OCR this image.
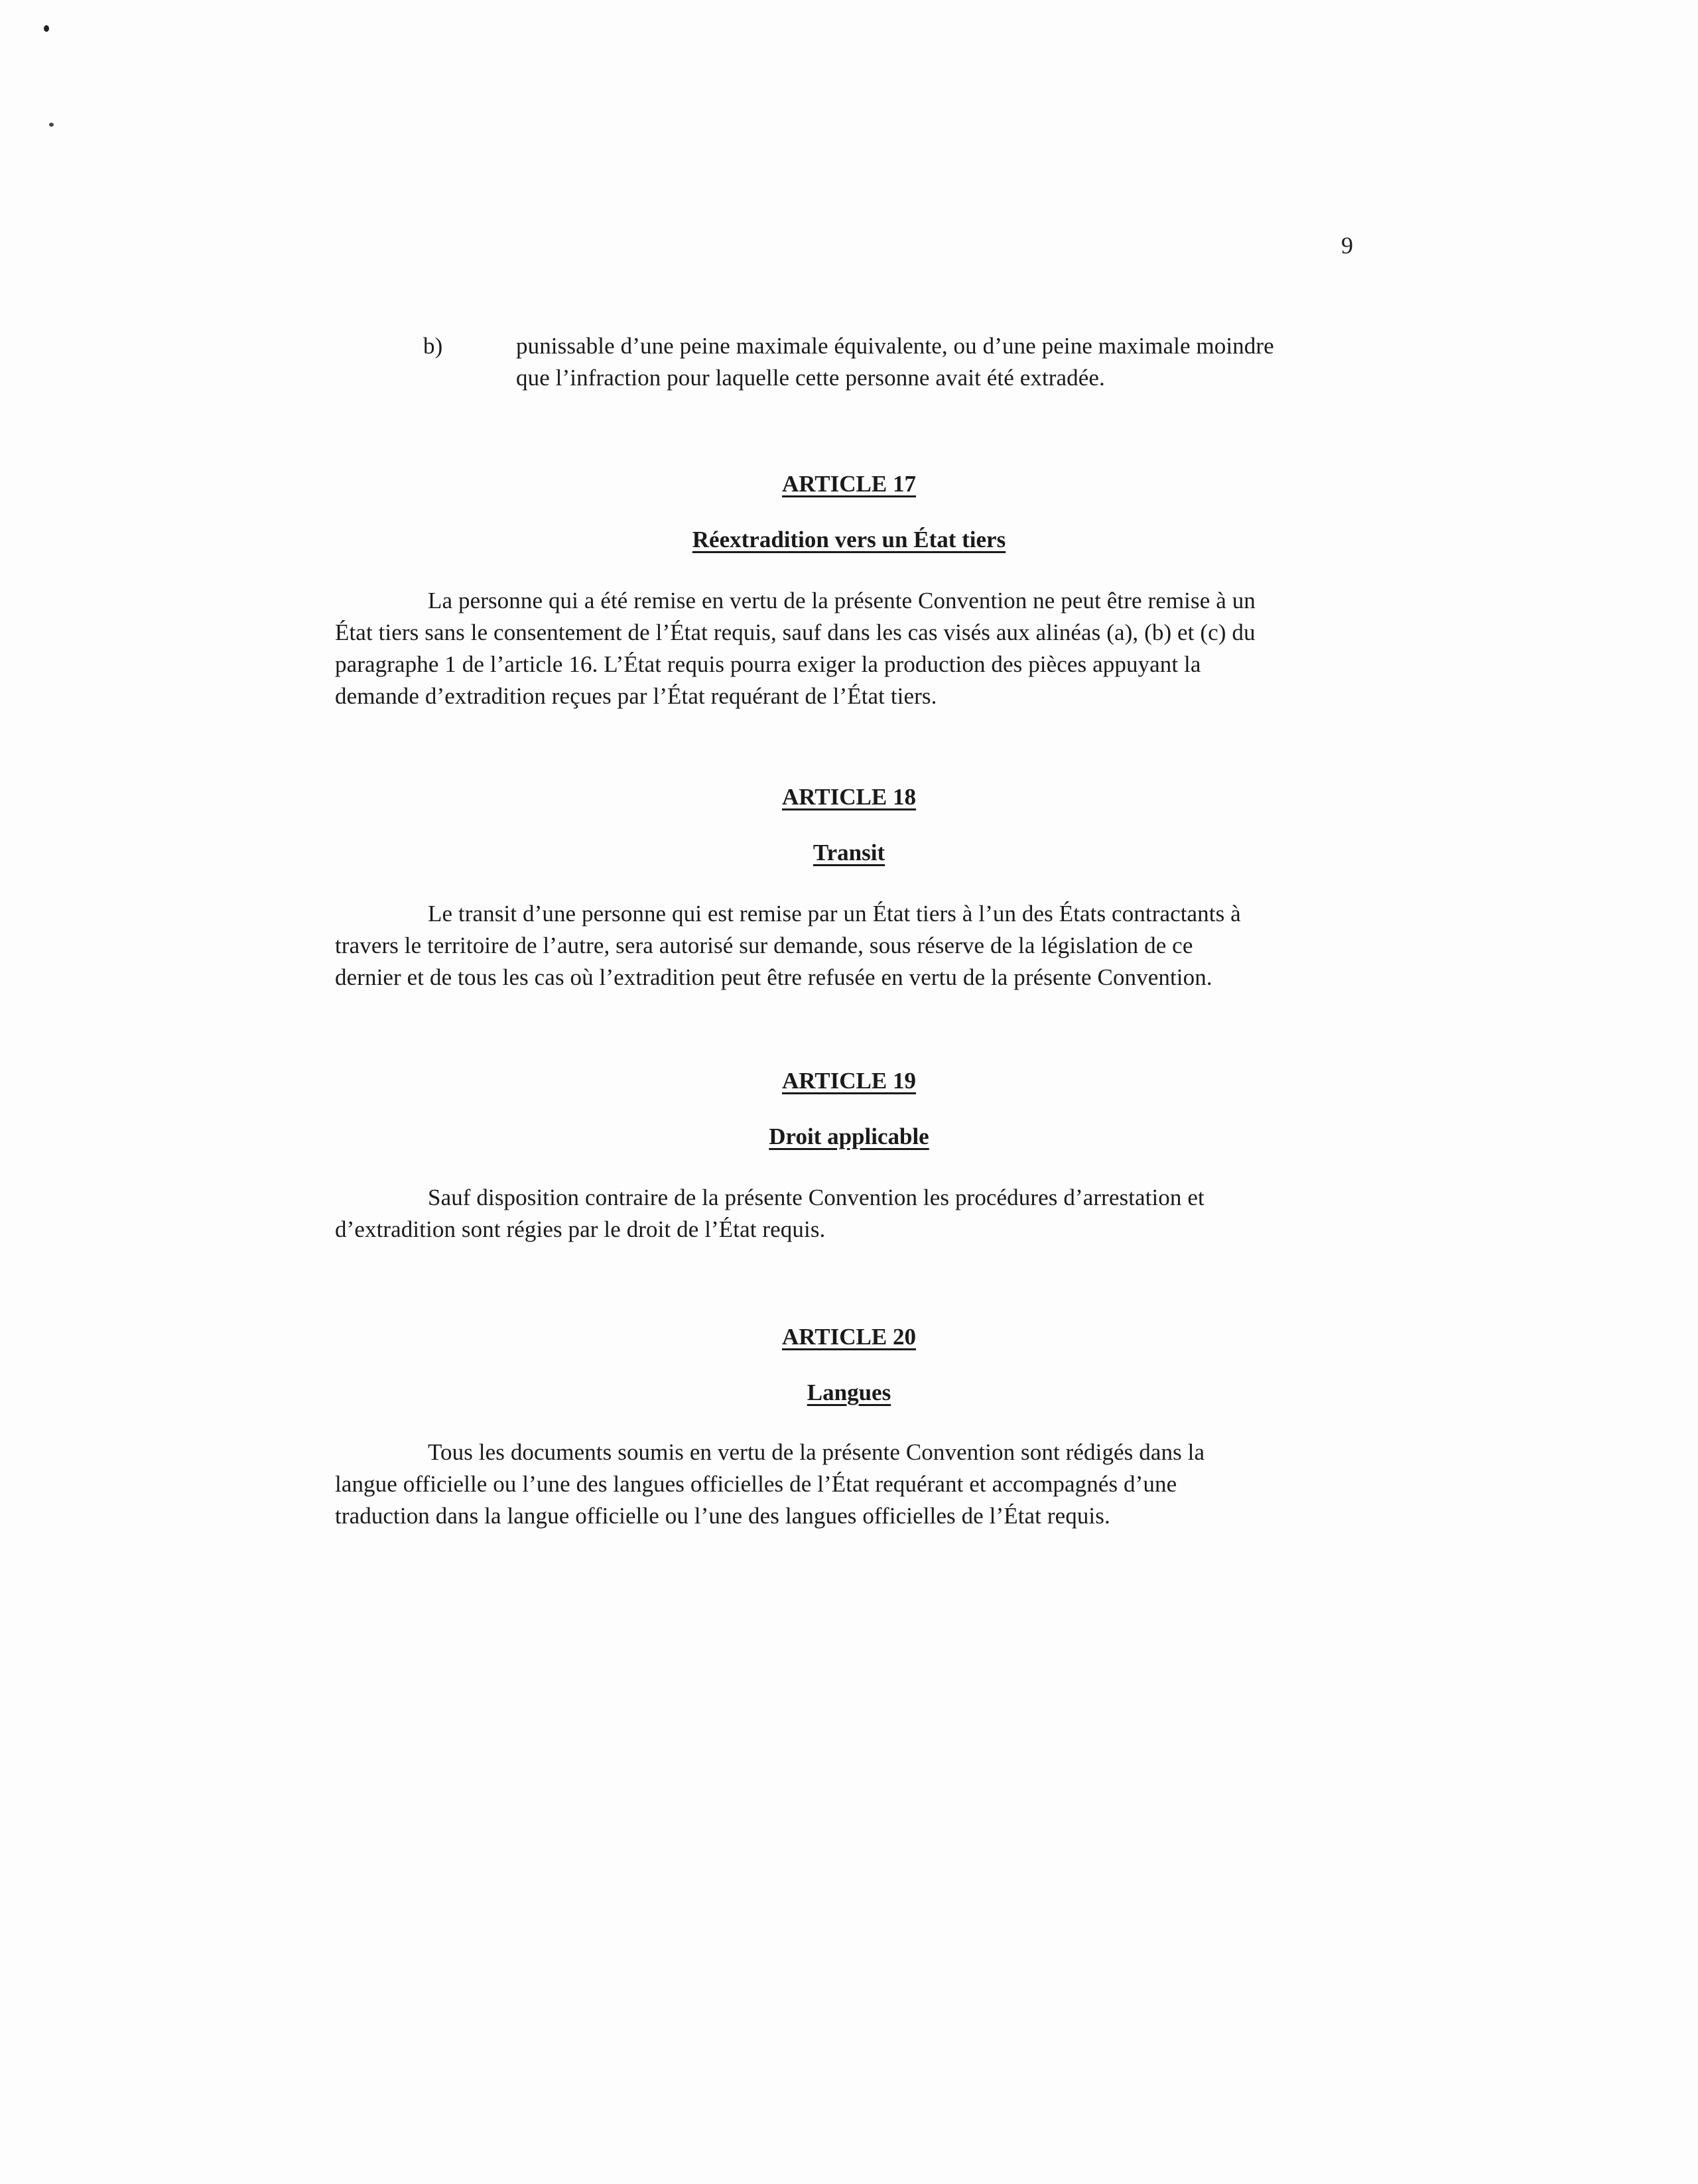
9
b)	punissable d’une peine maximale équivalente, ou d’une peine maximale moindre
que l’infraction pour laquelle cette personne avait été extradée.
ARTICLE 17
Réextradition vers un État tiers
La personne qui a été remise en vertu de la présente Convention ne peut être remise à un
État tiers sans le consentement de l’État requis, sauf dans les cas visés aux alinéas (a), (b) et (c) du
paragraphe 1 de l’article 16. L’État requis pourra exiger la production des pièces appuyant la
demande d’extradition reçues par l’État requérant de l’État tiers.
ARTICLE 18
Transit
Le transit d’une personne qui est remise par un État tiers à l’un des États contractants à
travers le territoire de l’autre, sera autorisé sur demande, sous réserve de la législation de ce
dernier et de tous les cas où l’extradition peut être refusée en vertu de la présente Convention.
ARTICLE 19
Droit applicable
Sauf disposition contraire de la présente Convention les procédures d’arrestation et
d’extradition sont régies par le droit de l’État requis.
ARTICLE 20
Langues
Tous les documents soumis en vertu de la présente Convention sont rédigés dans la
langue officielle ou l’une des langues officielles de l’État requérant et accompagnés d’une
traduction dans la langue officielle ou l’une des langues officielles de l’État requis.
